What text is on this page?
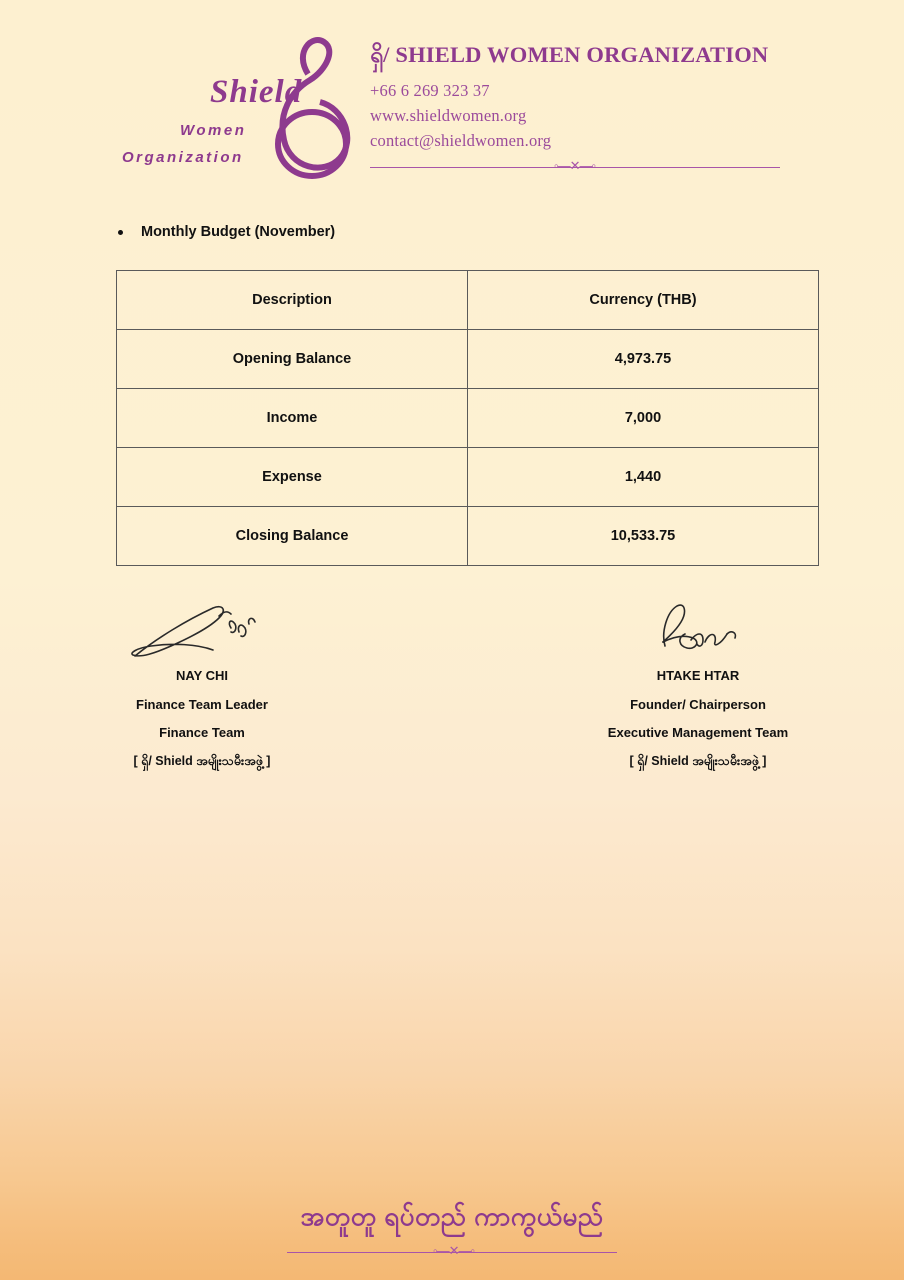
Shield
Women
Organization
ရှိ/ SHIELD WOMEN ORGANIZATION
+66 6 269 323 37
www.shieldwomen.org
contact@shieldwomen.org
◦—✕—◦
Monthly Budget (November)
Description	Currency (THB)
Opening Balance	4,973.75
Income	7,000
Expense	1,440
Closing Balance	10,533.75
NAY CHI
Finance Team Leader
Finance Team
[ ရှိ/ Shield အမျိုးသမီးအဖွဲ့ ]
HTAKE HTAR
Founder/ Chairperson
Executive Management Team
[ ရှိ/ Shield အမျိုးသမီးအဖွဲ့ ]
အတူတူ ရပ်တည် ကာကွယ်မည်
◦—✕—◦
